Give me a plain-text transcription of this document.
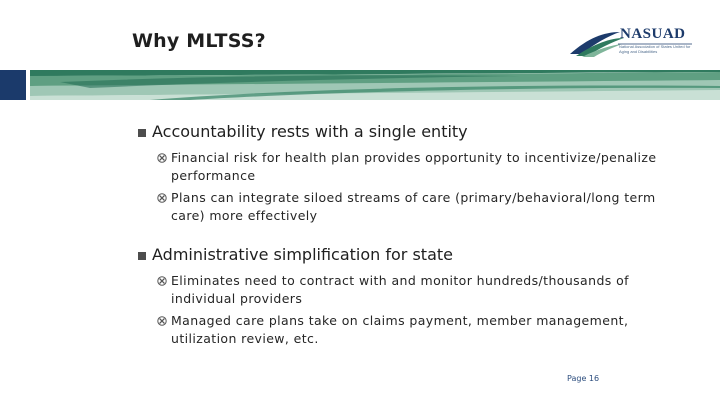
Why MLTSS?	NASUAD
National Association of States United for Aging and Disabilities
Accountability rests with a single entity
Financial risk for health plan provides opportunity to incentivize/penalize performance
Plans can integrate siloed streams of care (primary/behavioral/long term care) more effectively
Administrative simplification for state
Eliminates need to contract with and monitor hundreds/thousands of individual providers
Managed care plans take on claims payment, member management, utilization review, etc.
Page 16
